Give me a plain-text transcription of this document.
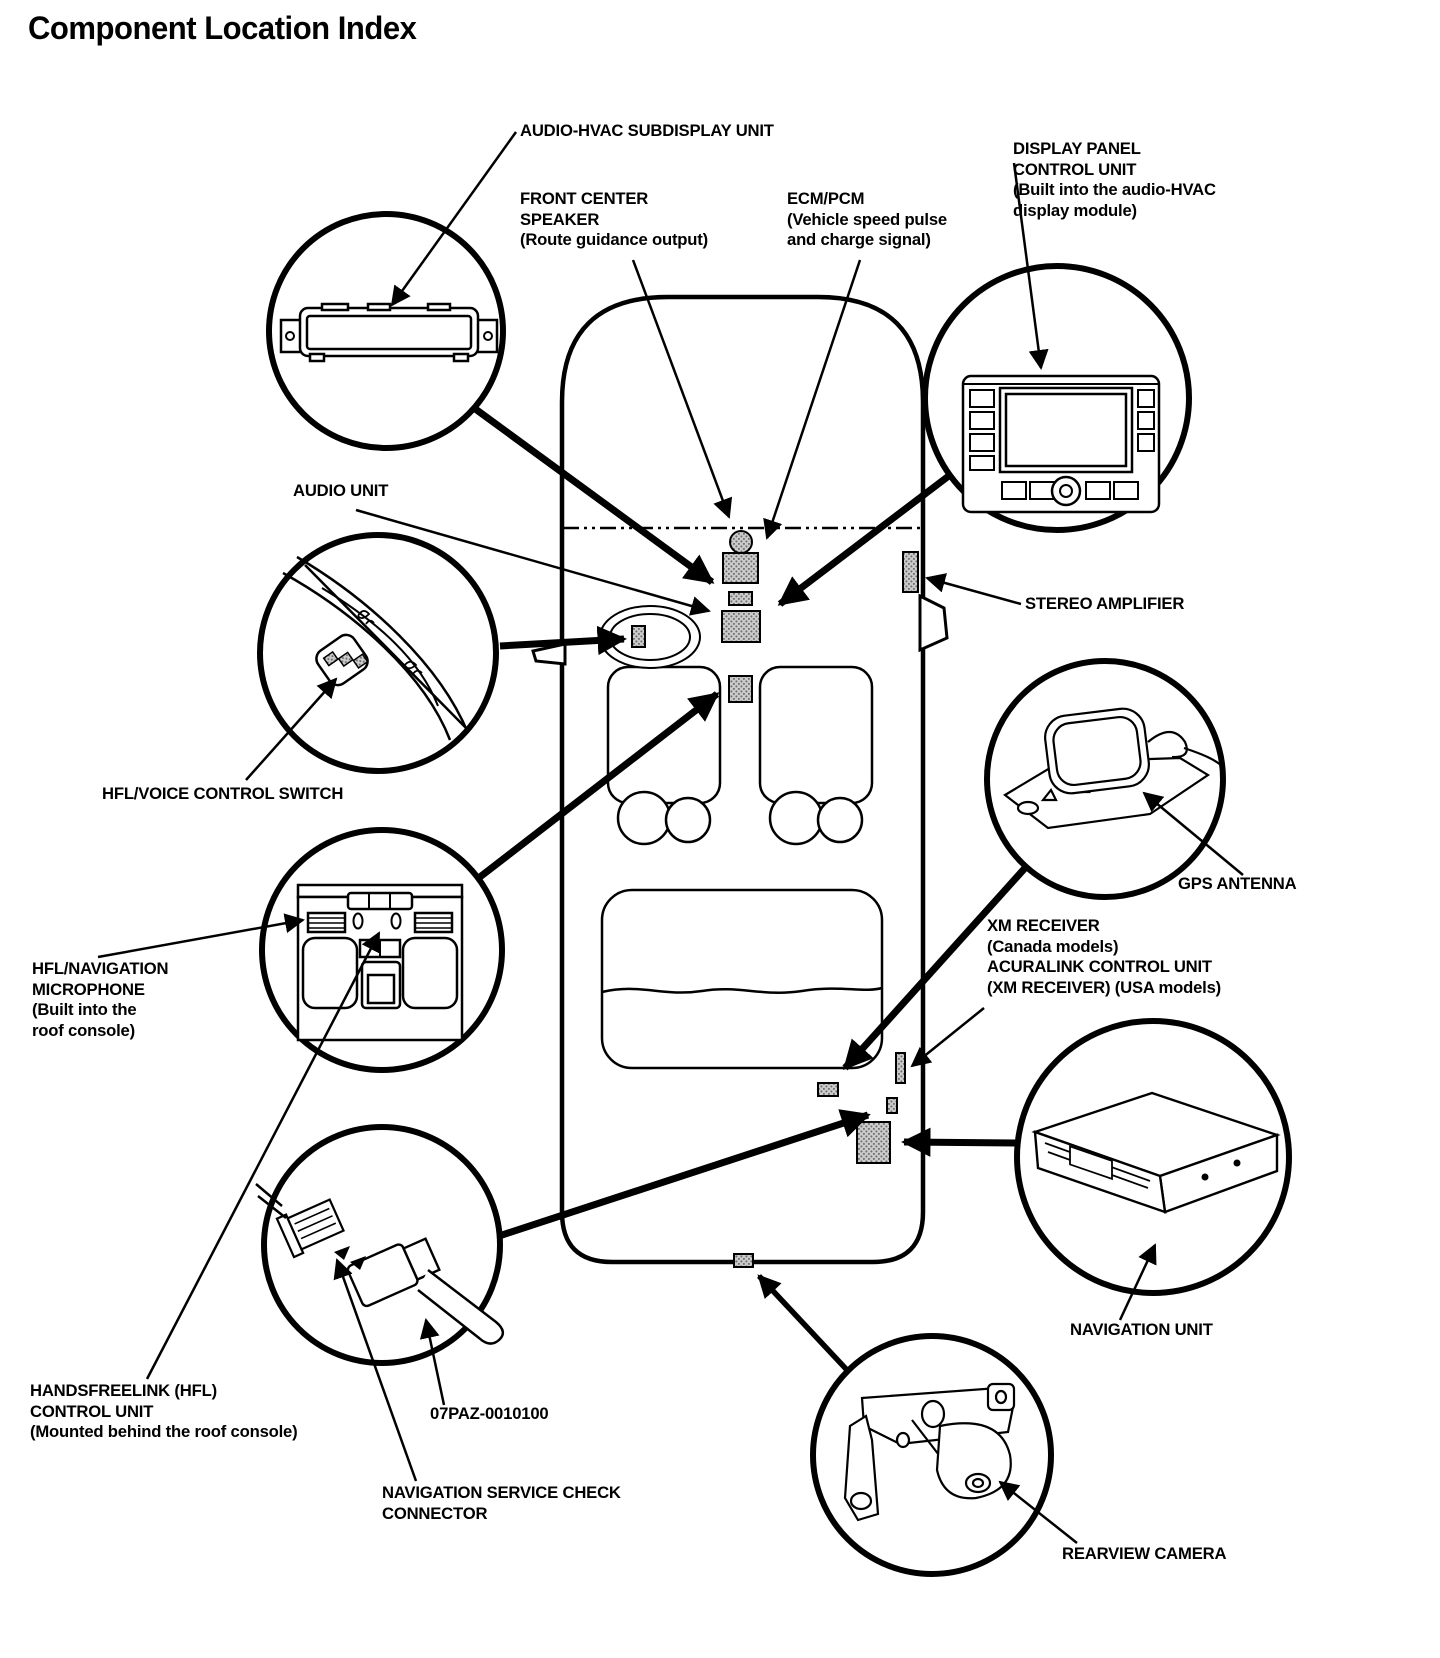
Component Location Index
AUDIO-HVAC SUBDISPLAY UNIT
FRONT CENTER
SPEAKER
(Route guidance output)
ECM/PCM
(Vehicle speed pulse
and charge signal)
DISPLAY PANEL
CONTROL UNIT
(Built into the audio-HVAC
display module)
AUDIO UNIT
STEREO AMPLIFIER
HFL/VOICE CONTROL SWITCH
GPS ANTENNA
XM RECEIVER
(Canada models)
ACURALINK CONTROL UNIT
(XM RECEIVER) (USA models)
HFL/NAVIGATION
MICROPHONE
(Built into the
roof console)
NAVIGATION UNIT
HANDSFREELINK (HFL)
CONTROL UNIT
(Mounted behind the roof console)
07PAZ-0010100
NAVIGATION SERVICE CHECK
CONNECTOR
REARVIEW CAMERA
